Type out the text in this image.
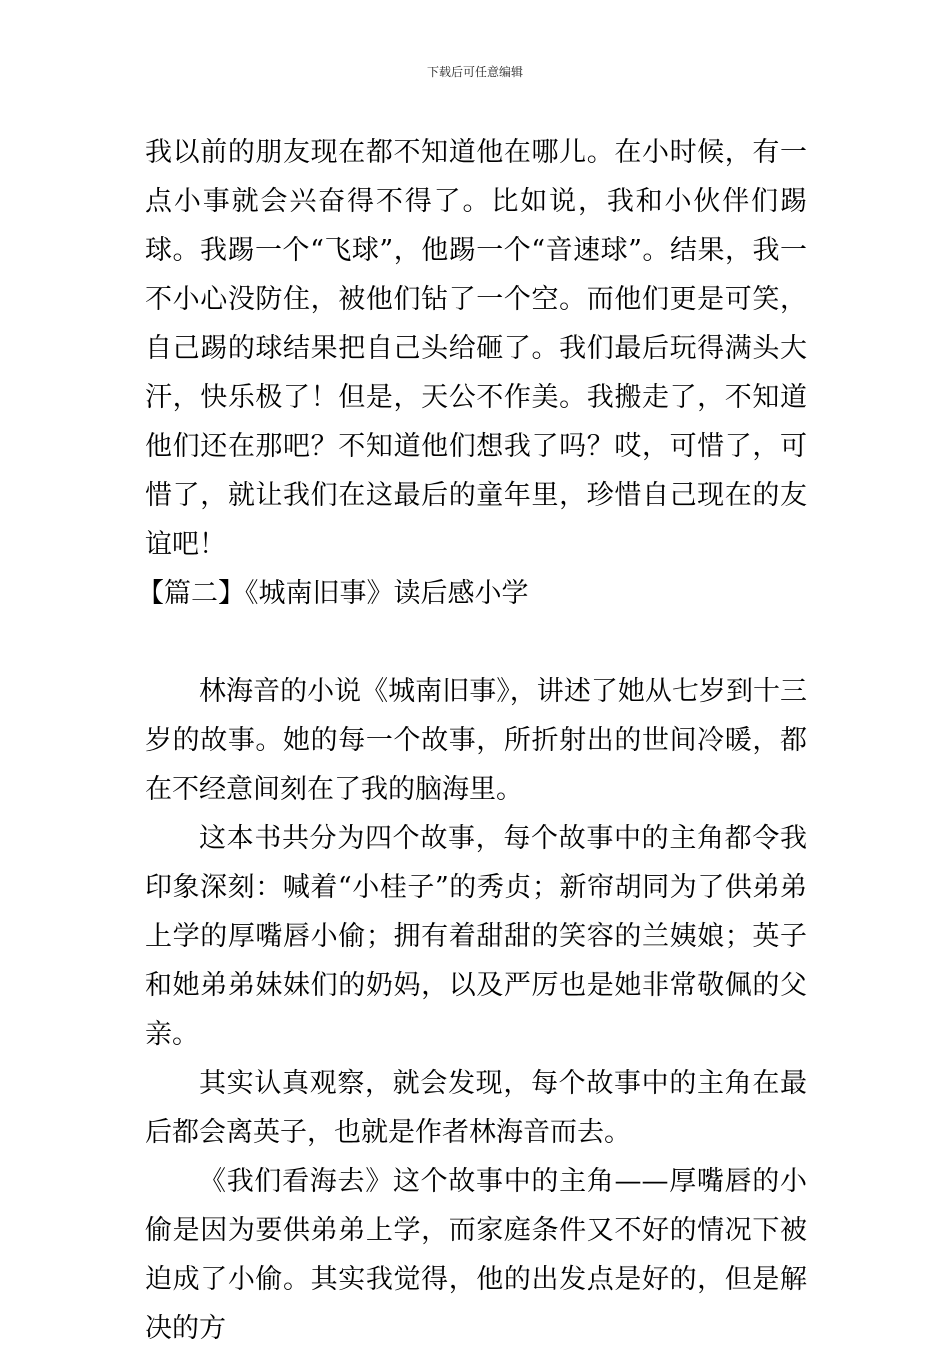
下载后可任意编辑

我以前的朋友现在都不知道他在哪儿。在小时候，有一点小事就会兴奋得不得了。比如说，我和小伙伴们踢球。我踢一个“飞球”，他踢一个“音速球”。结果，我一不小心没防住，被他们钻了一个空。而他们更是可笑，自己踢的球结果把自己头给砸了。我们最后玩得满头大汗，快乐极了！但是，天公不作美。我搬走了，不知道他们还在那吧？不知道他们想我了吗？哎，可惜了，可惜了，就让我们在这最后的童年里，珍惜自己现在的友谊吧！

【篇二】《城南旧事》读后感小学

林海音的小说《城南旧事》，讲述了她从七岁到十三岁的故事。她的每一个故事，所折射出的世间冷暖，都在不经意间刻在了我的脑海里。

这本书共分为四个故事，每个故事中的主角都令我印象深刻：喊着“小桂子”的秀贞；新帘胡同为了供弟弟上学的厚嘴唇小偷；拥有着甜甜的笑容的兰姨娘；英子和她弟弟妹妹们的奶妈，以及严厉也是她非常敬佩的父亲。

其实认真观察，就会发现，每个故事中的主角在最后都会离英子，也就是作者林海音而去。

《我们看海去》这个故事中的主角——厚嘴唇的小偷是因为要供弟弟上学，而家庭条件又不好的情况下被迫成了小偷。其实我觉得，他的出发点是好的，但是解决的方
